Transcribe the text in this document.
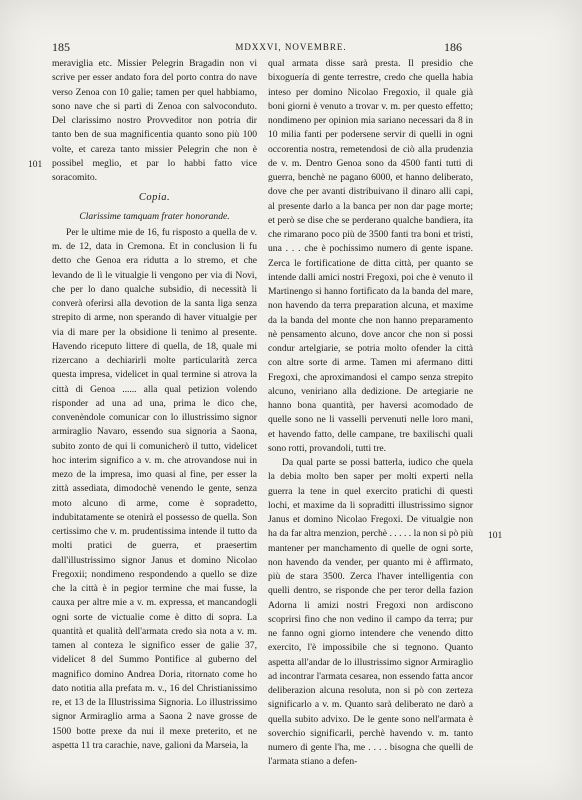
185	MDXXVI, NOVEMBRE.	186
101
101

meraviglia etc. Missier Pelegrin Bragadin non vi scrive per esser andato fora del porto contra do nave verso Zenoa con 10 galie; tamen per quel habbiamo, sono nave che si partì di Zenoa con salvoconduto. Del clarissimo nostro Provveditor non potria dir tanto ben de sua magnificentia quanto sono più 100 volte, et careza tanto missier Pelegrin che non è possibel meglio, et par lo habbi fatto vice soracomito.

Copia.

Clarissime tamquam frater honorande.

Per le ultime mie de 16, fu risposto a quella de v. m. de 12, data in Cremona. Et in conclusion li fu detto che Genoa era ridutta a lo stremo, et che levando de lì le vitualgie li vengono per via di Novi, che per lo dano qualche subsidio, di necessità li converà oferirsi alla devotion de la santa liga senza strepito di arme, non sperando di haver vitualgie per via di mare per la obsidione li tenimo al presente. Havendo riceputo littere di quella, de 18, quale mi rizercano a dechiarirli molte particularità zerca questa impresa, videlicet in qual termine si atrova la città di Genoa ...... alla qual petizion volendo risponder ad una ad una, prima le dico che, convenèndole comunicar con lo illustrissimo signor armiraglio Navaro, essendo sua signoria a Saona, subito zonto de qui li comunicherò il tutto, videlicet hoc interim significo a v. m. che atrovandose nui in mezo de la impresa, imo quasi al fine, per esser la zittà assediata, dimodochè venendo le gente, senza moto alcuno di arme, come è sopradetto, indubitatamente se otenirà el possesso de quella. Son certissimo che v. m. prudentissima intende il tutto da molti pratici de guerra, et praesertim dall'illustrissimo signor Janus et domino Nicolao Fregoxii; nondimeno respondendo a quello se dize che la città è in pegior termine che mai fusse, la cauxa per altre mie a v. m. expressa, et mancandogli ogni sorte de victualie come è ditto di sopra. La quantità et qualità dell'armata credo sia nota a v. m. tamen al conteza le significo esser de galie 37, videlicet 8 del Summo Pontifice al guberno del magnifico domino Andrea Doria, ritornato come ho dato notitia alla prefata m. v., 16 del Christianissimo re, et 13 de la Illustrissima Signoria. Lo illustrissimo signor Armiraglio arma a Saona 2 nave grosse de 1500 botte prexe da nui il mexe preterito, et ne aspetta 11 tra carachie, nave, galioni da Marseia, la

qual armata disse sarà presta. Il presidio che bixoguería di gente terrestre, credo che quella habia inteso per domino Nicolao Fregoxio, il quale già boni giorni è venuto a trovar v. m. per questo effetto; nondimeno per opinion mia sariano necessari da 8 in 10 milia fanti per podersene servir di quelli in ogni occorentia nostra, remetendosi de ciò alla prudenzia de v. m. Dentro Genoa sono da 4500 fanti tutti di guerra, benchè ne pagano 6000, et hanno deliberato, dove che per avanti distribuivano il dinaro alli capi, al presente darlo a la banca per non dar page morte; et però se dise che se perderano qualche bandiera, ita che rimarano poco più de 3500 fanti tra boni et tristi, una . . . che è pochissimo numero di gente ispane. Zerca le fortificatione de ditta città, per quanto se intende dalli amici nostri Fregoxi, poi che è venuto il Martinengo si hanno fortificato da la banda del mare, non havendo da terra preparation alcuna, et maxime da la banda del monte che non hanno preparamento nè pensamento alcuno, dove ancor che non si possi condur artelgiarie, se potria molto ofender la città con altre sorte di arme. Tamen mi afermano ditti Fregoxi, che aproximandosi el campo senza strepito alcuno, veniriano alla dedizione. De artegiarie ne hanno bona quantità, per haversi acomodado de quelle sono ne li vasselli pervenuti nelle loro mani, et havendo fatto, delle campane, tre baxilischi quali sono rotti, provandoli, tutti tre.

Da qual parte se possi batterla, iudico che quela la debia molto ben saper per molti experti nella guerra la tene in quel exercito pratichi di questi lochi, et maxime da li sopraditti illustrissimo signor Janus et domino Nicolao Fregoxi. De vitualgie non ha da far altra menzion, perchè . . . . . la non si pò più mantener per manchamento di quelle de ogni sorte, non havendo da vender, per quanto mi è affirmato, più de stara 3500. Zerca l'haver intelligentia con quelli dentro, se risponde che per teror della fazion Adorna li amizi nostri Fregoxi non ardiscono scoprirsi fino che non vedino il campo da terra; pur ne fanno ogni giorno intendere che venendo ditto exercito, l'è impossibile che si tegnono. Quanto aspetta all'andar de lo illustrissimo signor Armiraglio ad incontrar l'armata cesarea, non essendo fatta ancor deliberazion alcuna resoluta, non si pò con zerteza significarlo a v. m. Quanto sarà deliberato ne darò a quella subito advixo. De le gente sono nell'armata è soverchio significarli, perchè havendo v. m. tanto numero di gente l'ha, me . . . . bisogna che quelli de l'armata stiano a defen-
